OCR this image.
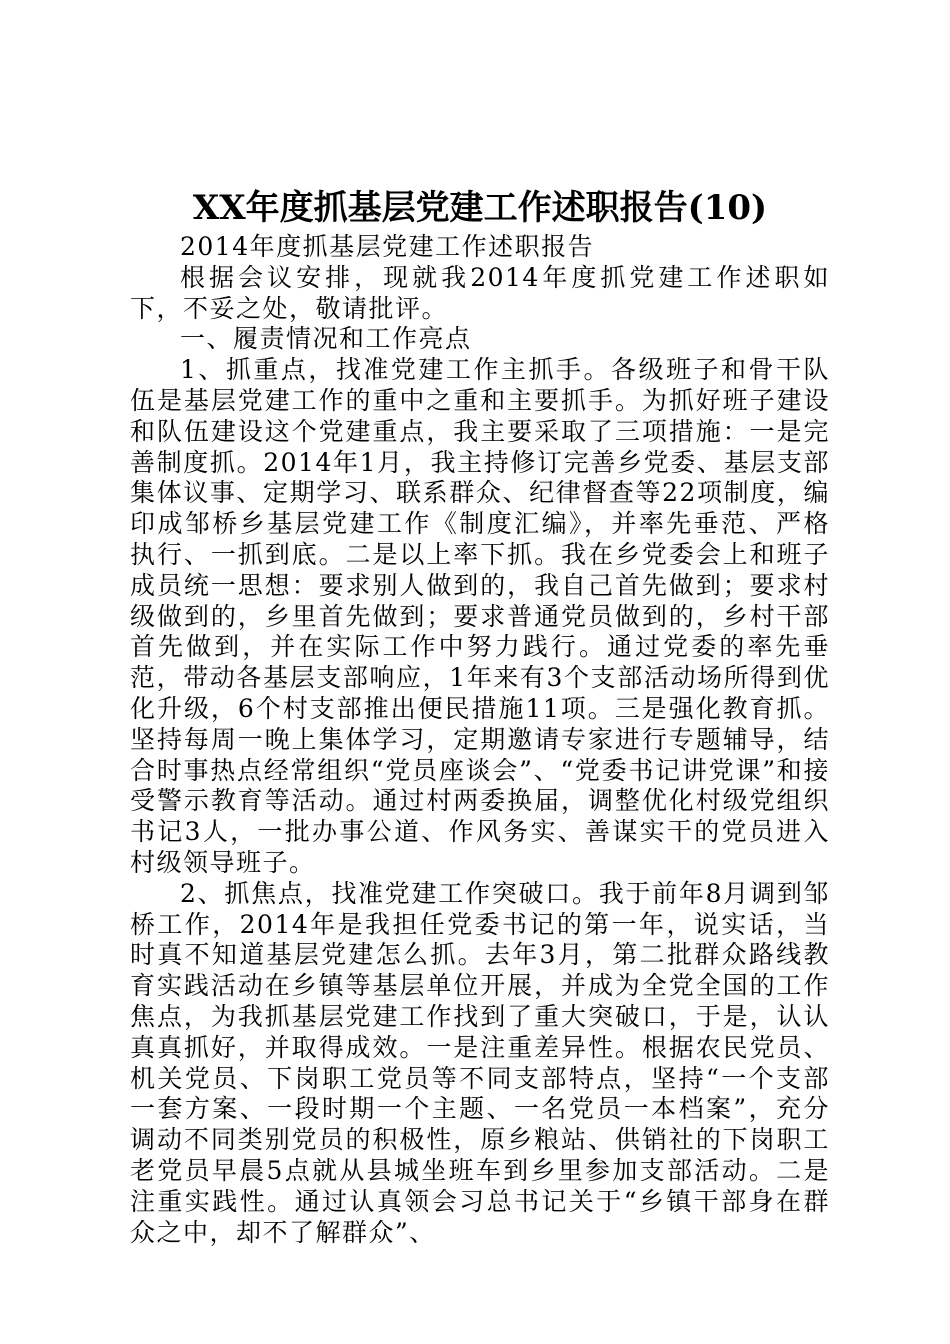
XX年度抓基层党建工作述职报告(10)

2014年度抓基层党建工作述职报告

根据会议安排，现就我2014年度抓党建工作述职如下，不妥之处，敬请批评。

一、履责情况和工作亮点

1、抓重点，找准党建工作主抓手。各级班子和骨干队伍是基层党建工作的重中之重和主要抓手。为抓好班子建设和队伍建设这个党建重点，我主要采取了三项措施：一是完善制度抓。2014年1月，我主持修订完善乡党委、基层支部集体议事、定期学习、联系群众、纪律督查等22项制度，编印成邹桥乡基层党建工作《制度汇编》，并率先垂范、严格执行、一抓到底。二是以上率下抓。我在乡党委会上和班子成员统一思想：要求别人做到的，我自己首先做到；要求村级做到的，乡里首先做到；要求普通党员做到的，乡村干部首先做到，并在实际工作中努力践行。通过党委的率先垂范，带动各基层支部响应，1年来有3个支部活动场所得到优化升级，6个村支部推出便民措施11项。三是强化教育抓。坚持每周一晚上集体学习，定期邀请专家进行专题辅导，结合时事热点经常组织“党员座谈会”、“党委书记讲党课”和接受警示教育等活动。通过村两委换届，调整优化村级党组织书记3人，一批办事公道、作风务实、善谋实干的党员进入村级领导班子。

2、抓焦点，找准党建工作突破口。我于前年8月调到邹桥工作，2014年是我担任党委书记的第一年，说实话，当时真不知道基层党建怎么抓。去年3月，第二批群众路线教育实践活动在乡镇等基层单位开展，并成为全党全国的工作焦点，为我抓基层党建工作找到了重大突破口，于是，认认真真抓好，并取得成效。一是注重差异性。根据农民党员、机关党员、下岗职工党员等不同支部特点，坚持“一个支部一套方案、一段时期一个主题、一名党员一本档案”，充分调动不同类别党员的积极性，原乡粮站、供销社的下岗职工老党员早晨5点就从县城坐班车到乡里参加支部活动。二是注重实践性。通过认真领会习总书记关于“乡镇干部身在群众之中，却不了解群众”、
